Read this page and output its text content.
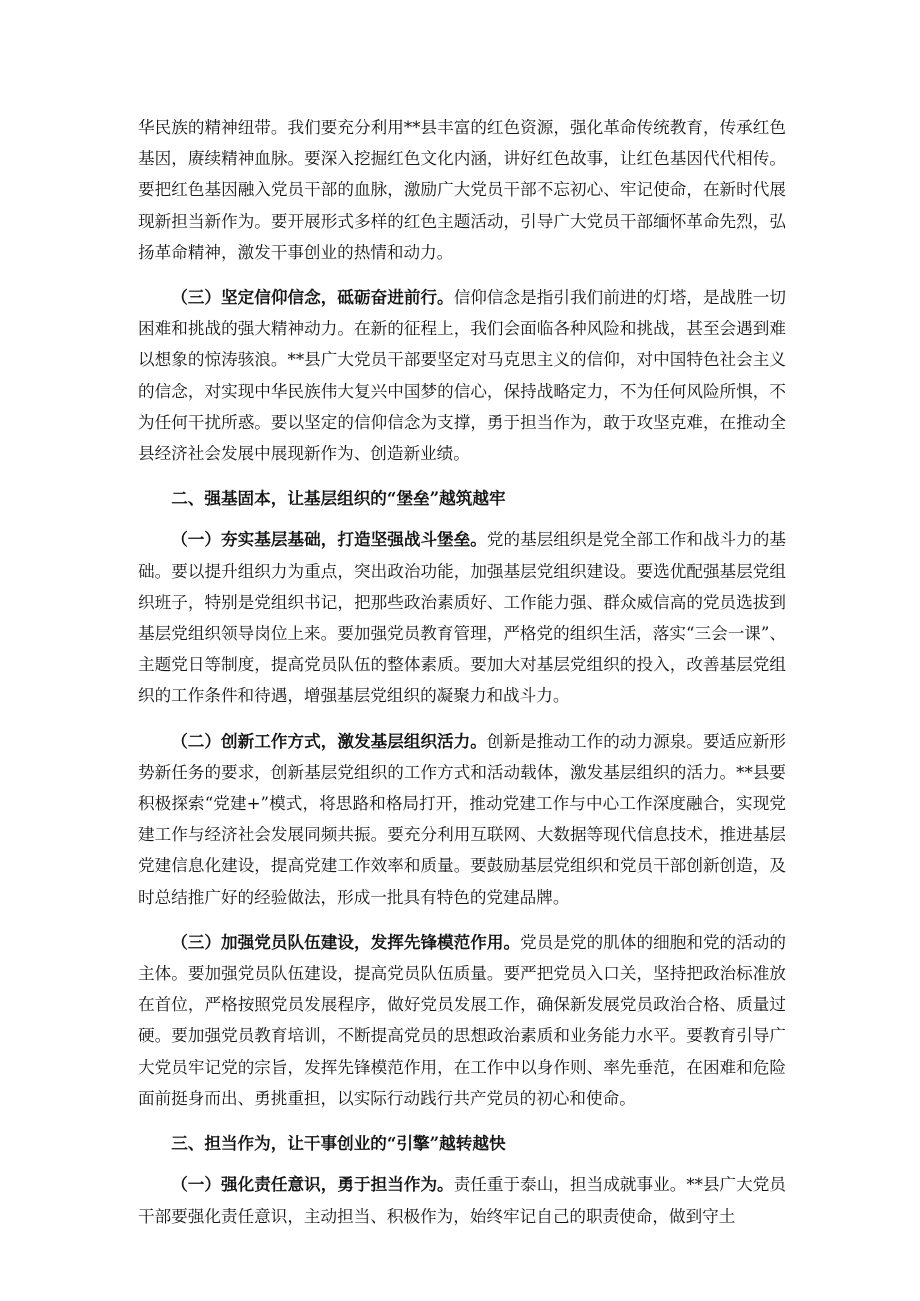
华民族的精神纽带。我们要充分利用**县丰富的红色资源，强化革命传统教育，传承红色基因，赓续精神血脉。要深入挖掘红色文化内涵，讲好红色故事，让红色基因代代相传。要把红色基因融入党员干部的血脉，激励广大党员干部不忘初心、牢记使命，在新时代展现新担当新作为。要开展形式多样的红色主题活动，引导广大党员干部缅怀革命先烈，弘扬革命精神，激发干事创业的热情和动力。

（三）坚定信仰信念，砥砺奋进前行。信仰信念是指引我们前进的灯塔，是战胜一切困难和挑战的强大精神动力。在新的征程上，我们会面临各种风险和挑战，甚至会遇到难以想象的惊涛骇浪。**县广大党员干部要坚定对马克思主义的信仰，对中国特色社会主义的信念，对实现中华民族伟大复兴中国梦的信心，保持战略定力，不为任何风险所惧，不为任何干扰所惑。要以坚定的信仰信念为支撑，勇于担当作为，敢于攻坚克难，在推动全县经济社会发展中展现新作为、创造新业绩。

二、强基固本，让基层组织的“堡垒”越筑越牢

（一）夯实基层基础，打造坚强战斗堡垒。党的基层组织是党全部工作和战斗力的基础。要以提升组织力为重点，突出政治功能，加强基层党组织建设。要选优配强基层党组织班子，特别是党组织书记，把那些政治素质好、工作能力强、群众威信高的党员选拔到基层党组织领导岗位上来。要加强党员教育管理，严格党的组织生活，落实“三会一课”、主题党日等制度，提高党员队伍的整体素质。要加大对基层党组织的投入，改善基层党组织的工作条件和待遇，增强基层党组织的凝聚力和战斗力。

（二）创新工作方式，激发基层组织活力。创新是推动工作的动力源泉。要适应新形势新任务的要求，创新基层党组织的工作方式和活动载体，激发基层组织的活力。**县要积极探索“党建+”模式，将思路和格局打开，推动党建工作与中心工作深度融合，实现党建工作与经济社会发展同频共振。要充分利用互联网、大数据等现代信息技术，推进基层党建信息化建设，提高党建工作效率和质量。要鼓励基层党组织和党员干部创新创造，及时总结推广好的经验做法，形成一批具有特色的党建品牌。

（三）加强党员队伍建设，发挥先锋模范作用。党员是党的肌体的细胞和党的活动的主体。要加强党员队伍建设，提高党员队伍质量。要严把党员入口关，坚持把政治标准放在首位，严格按照党员发展程序，做好党员发展工作，确保新发展党员政治合格、质量过硬。要加强党员教育培训，不断提高党员的思想政治素质和业务能力水平。要教育引导广大党员牢记党的宗旨，发挥先锋模范作用，在工作中以身作则、率先垂范，在困难和危险面前挺身而出、勇挑重担，以实际行动践行共产党员的初心和使命。

三、担当作为，让干事创业的“引擎”越转越快

（一）强化责任意识，勇于担当作为。责任重于泰山，担当成就事业。**县广大党员干部要强化责任意识，主动担当、积极作为，始终牢记自己的职责使命，做到守土
